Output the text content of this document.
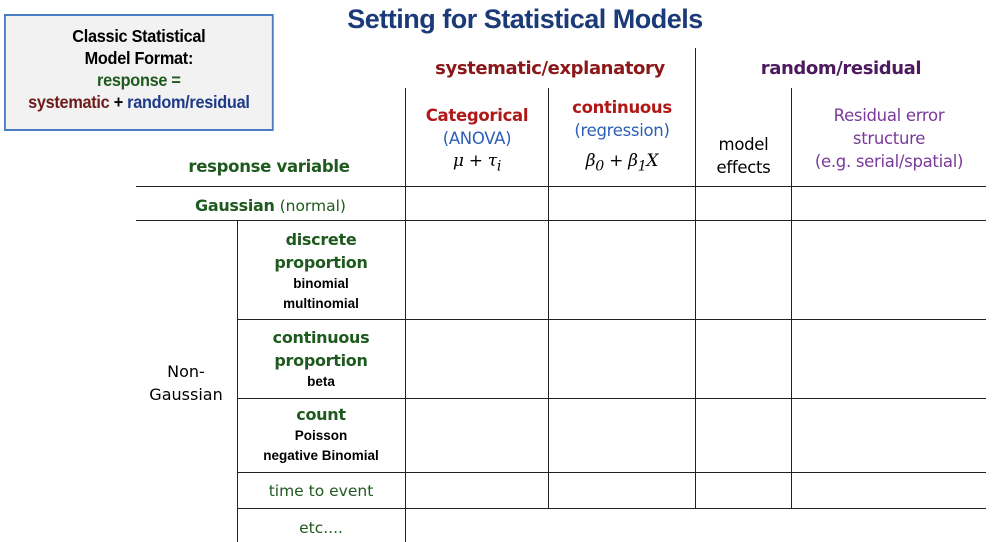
Classic Statistical
Model Format:
response =
systematic + random/residual
Setting for Statistical Models
systematic/explanatory	random/residual
Categorical
(ANOVA)
$\mu + \tau_i$
continuous
(regression)
$\beta_0 + \beta_1X$
model
effects
Residual error
structure
(e.g. serial/spatial)
response variable
Gaussian (normal)
Non-
Gaussian
discrete
proportion
binomial
multinomial
continuous
proportion
beta
count
Poisson
negative Binomial
time to event
etc....
